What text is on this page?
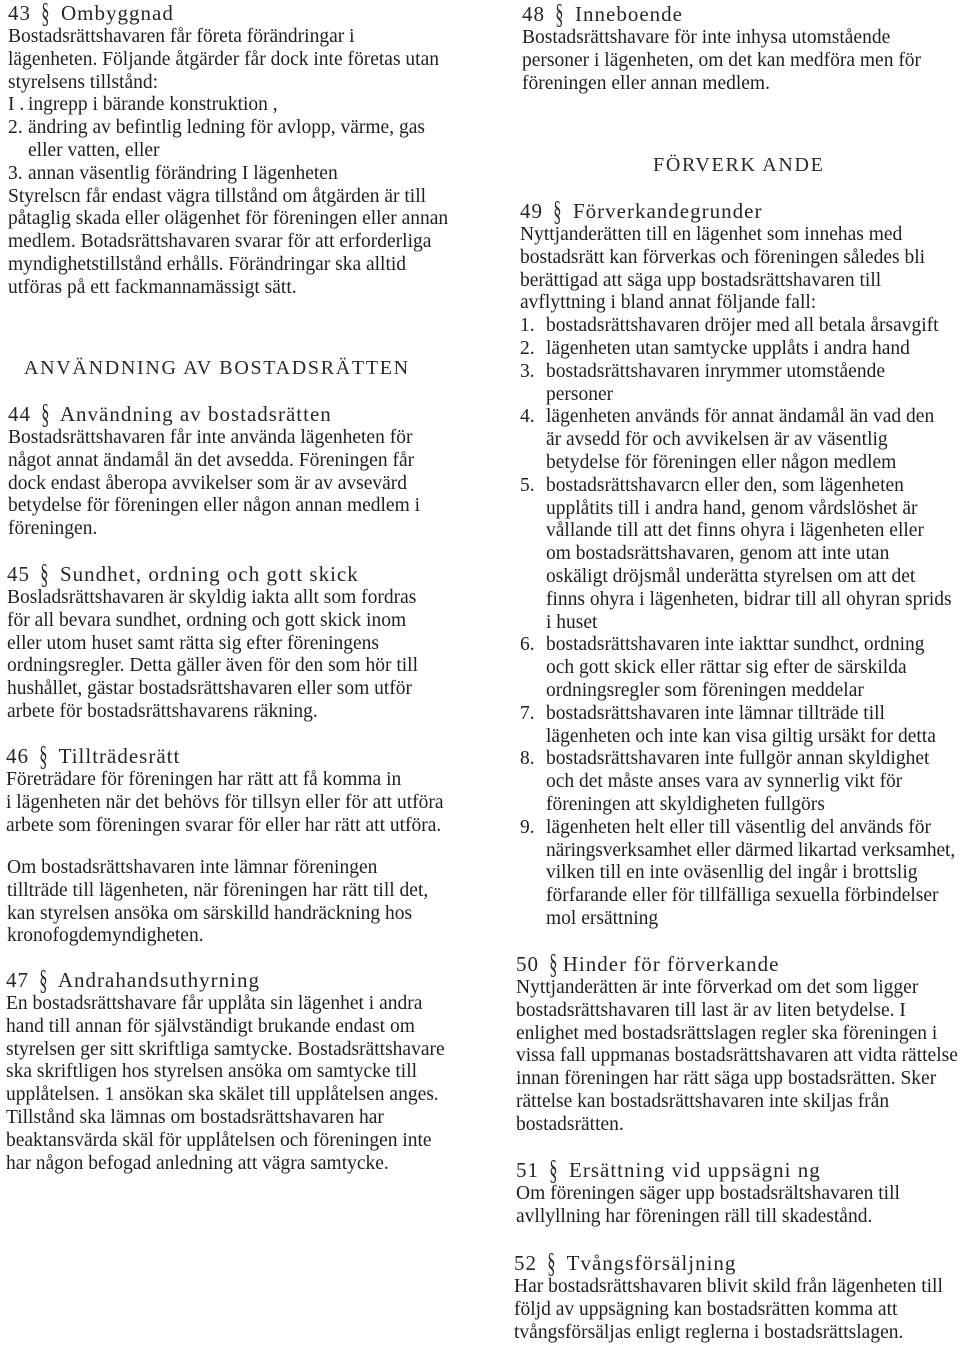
43 § Ombyggnad
Bostadsrättshavaren får företa förändringar i
lägenheten. Följande åtgärder får dock inte företas utan
styrelsens tillstånd:
I . ingrepp i bärande konstruktion ,
2. ändring av befintlig ledning för avlopp, värme, gas
eller vatten, eller
3. annan väsentlig förändring I lägenheten
Styrelscn får endast vägra tillstånd om åtgärden är till
påtaglig skada eller olägenhet för föreningen eller annan
medlem. Botadsrättshavaren svarar för att erforderliga
myndighetstillstånd erhålls. Förändringar ska alltid
utföras på ett fackmannamässigt sätt.
ANVÄNDNING AV BOSTADSRÄTTEN
44 § Användning av bostadsrätten
Bostadsrättshavaren får inte använda lägenheten för
något annat ändamål än det avsedda. Föreningen får
dock endast åberopa avvikelser som är av avsevärd
betydelse för föreningen eller någon annan medlem i
föreningen.
45 § Sundhet, ordning och gott skick
Bosladsrättshavaren är skyldig iakta allt som fordras
för all bevara sundhet, ordning och gott skick inom
eller utom huset samt rätta sig efter föreningens
ordningsregler. Detta gäller även för den som hör till
hushållet, gästar bostadsrättshavaren eller som utför
arbete för bostadsrättshavarens räkning.
46 § Tillträdesrätt
Företrädare för föreningen har rätt att få komma in
i lägenheten när det behövs för tillsyn eller för att utföra
arbete som föreningen svarar för eller har rätt att utföra.
Om bostadsrättshavaren inte lämnar föreningen
tillträde till lägenheten, när föreningen har rätt till det,
kan styrelsen ansöka om särskilld handräckning hos
kronofogdemyndigheten.
47 § Andrahandsuthyrning
En bostadsrättshavare får upplåta sin lägenhet i andra
hand till annan för självständigt brukande endast om
styrelsen ger sitt skriftliga samtycke. Bostadsrättshavare
ska skriftligen hos styrelsen ansöka om samtycke till
upplåtelsen. 1 ansökan ska skälet till upplåtelsen anges.
Tillstånd ska lämnas om bostadsrättshavaren har
beaktansvärda skäl för upplåtelsen och föreningen inte
har någon befogad anledning att vägra samtycke.
48 § Inneboende
Bostadsrättshavare för inte inhysa utomstående
personer i lägenheten, om det kan medföra men för
föreningen eller annan medlem.
FÖRVERK ANDE
49 § Förverkandegrunder
Nyttjanderätten till en lägenhet som innehas med
bostadsrätt kan förverkas och föreningen således bli
berättigad att säga upp bostadsrättshavaren till
avflyttning i bland annat följande fall:
1. bostadsrättshavaren dröjer med all betala årsavgift
2. lägenheten utan samtycke upplåts i andra hand
3. bostadsrättshavaren inrymmer utomstående
personer
4. lägenheten används för annat ändamål än vad den
är avsedd för och avvikelsen är av väsentlig
betydelse för föreningen eller någon medlem
5. bostadsrättshavarcn eller den, som lägenheten
upplåtits till i andra hand, genom vårdslöshet är
vållande till att det finns ohyra i lägenheten eller
om bostadsrättshavaren, genom att inte utan
oskäligt dröjsmål underätta styrelsen om att det
finns ohyra i lägenheten, bidrar till all ohyran sprids
i huset
6. bostadsrättshavaren inte iakttar sundhct, ordning
och gott skick eller rättar sig efter de särskilda
ordningsregler som föreningen meddelar
7. bostadsrättshavaren inte lämnar tillträde till
lägenheten och inte kan visa giltig ursäkt for detta
8. bostadsrättshavaren inte fullgör annan skyldighet
och det måste anses vara av synnerlig vikt för
föreningen att skyldigheten fullgörs
9. lägenheten helt eller till väsentlig del används för
näringsverksamhet eller därmed likartad verksamhet,
vilken till en inte oväsenllig del ingår i brottslig
förfarande eller för tillfälliga sexuella förbindelser
mol ersättning
50 § Hinder för förverkande
Nyttjanderätten är inte förverkad om det som ligger
bostadsrättshavaren till last är av liten betydelse. I
enlighet med bostadsrättslagen regler ska föreningen i
vissa fall uppmanas bostadsrättshavaren att vidta rättelse
innan föreningen har rätt säga upp bostadsrätten. Sker
rättelse kan bostadsrättshavaren inte skiljas från
bostadsrätten.
51 § Ersättning vid uppsägni ng
Om föreningen säger upp bostadsrältshavaren till
avllyllning har föreningen räll till skadestånd.
52 § Tvångsförsäljning
Har bostadsrättshavaren blivit skild från lägenheten till
följd av uppsägning kan bostadsrätten komma att
tvångsförsäljas enligt reglerna i bostadsrättslagen.
